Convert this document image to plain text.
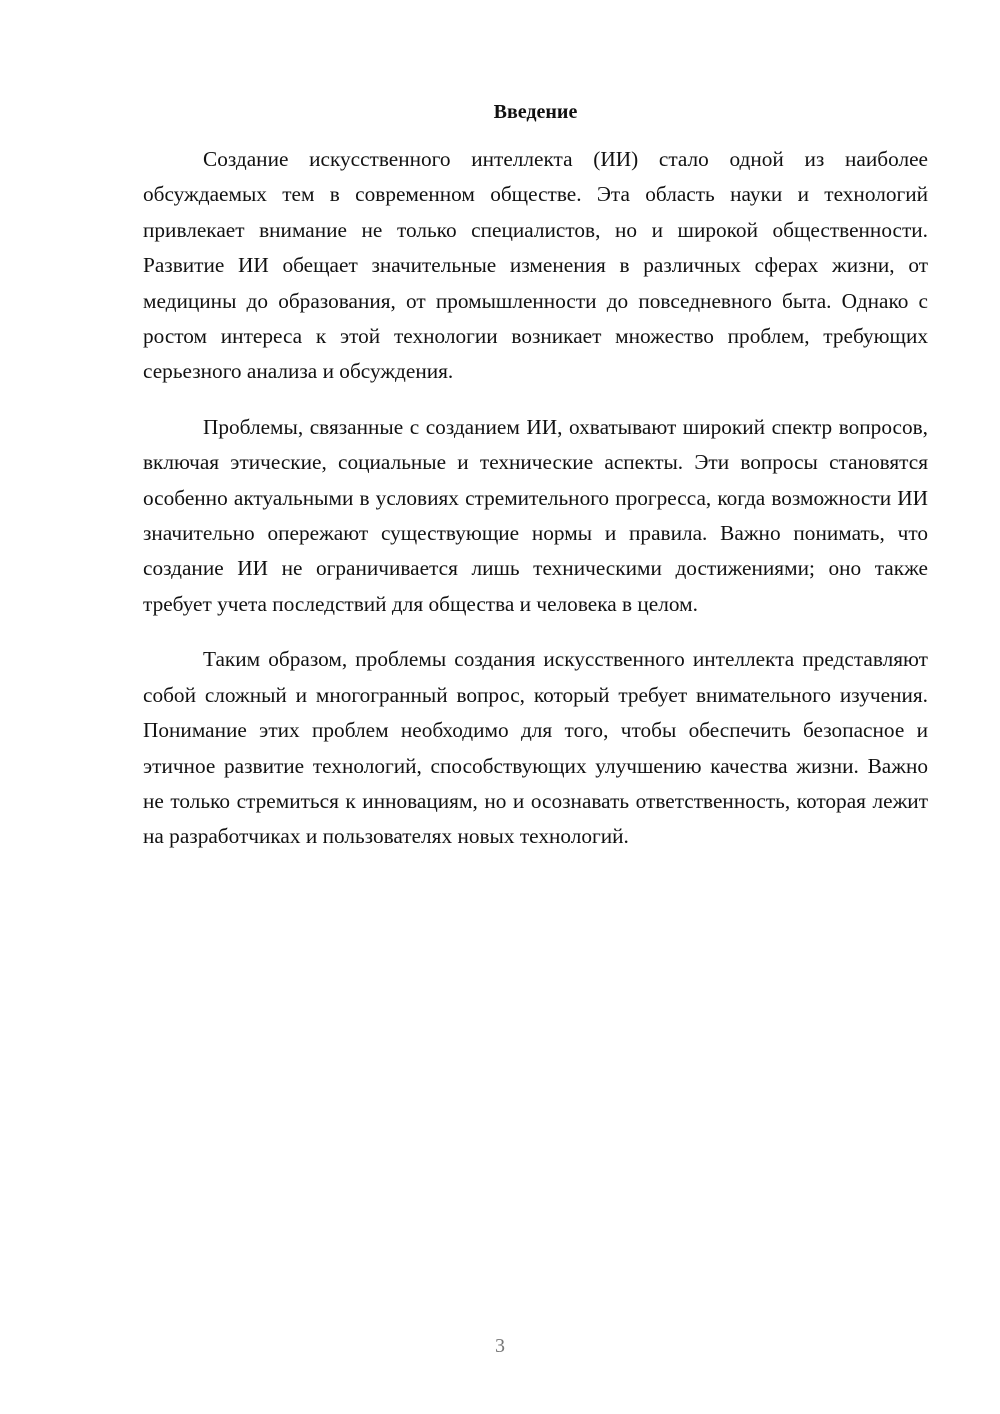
Введение

Создание искусственного интеллекта (ИИ) стало одной из наиболее обсуждаемых тем в современном обществе. Эта область науки и технологий привлекает внимание не только специалистов, но и широкой общественности. Развитие ИИ обещает значительные изменения в различных сферах жизни, от медицины до образования, от промышленности до повседневного быта. Однако с ростом интереса к этой технологии возникает множество проблем, требующих серьезного анализа и обсуждения.

Проблемы, связанные с созданием ИИ, охватывают широкий спектр вопросов, включая этические, социальные и технические аспекты. Эти вопросы становятся особенно актуальными в условиях стремительного прогресса, когда возможности ИИ значительно опережают существующие нормы и правила. Важно понимать, что создание ИИ не ограничивается лишь техническими достижениями; оно также требует учета последствий для общества и человека в целом.

Таким образом, проблемы создания искусственного интеллекта представляют собой сложный и многогранный вопрос, который требует внимательного изучения. Понимание этих проблем необходимо для того, чтобы обеспечить безопасное и этичное развитие технологий, способствующих улучшению качества жизни. Важно не только стремиться к инновациям, но и осознавать ответственность, которая лежит на разработчиках и пользователях новых технологий.

3
